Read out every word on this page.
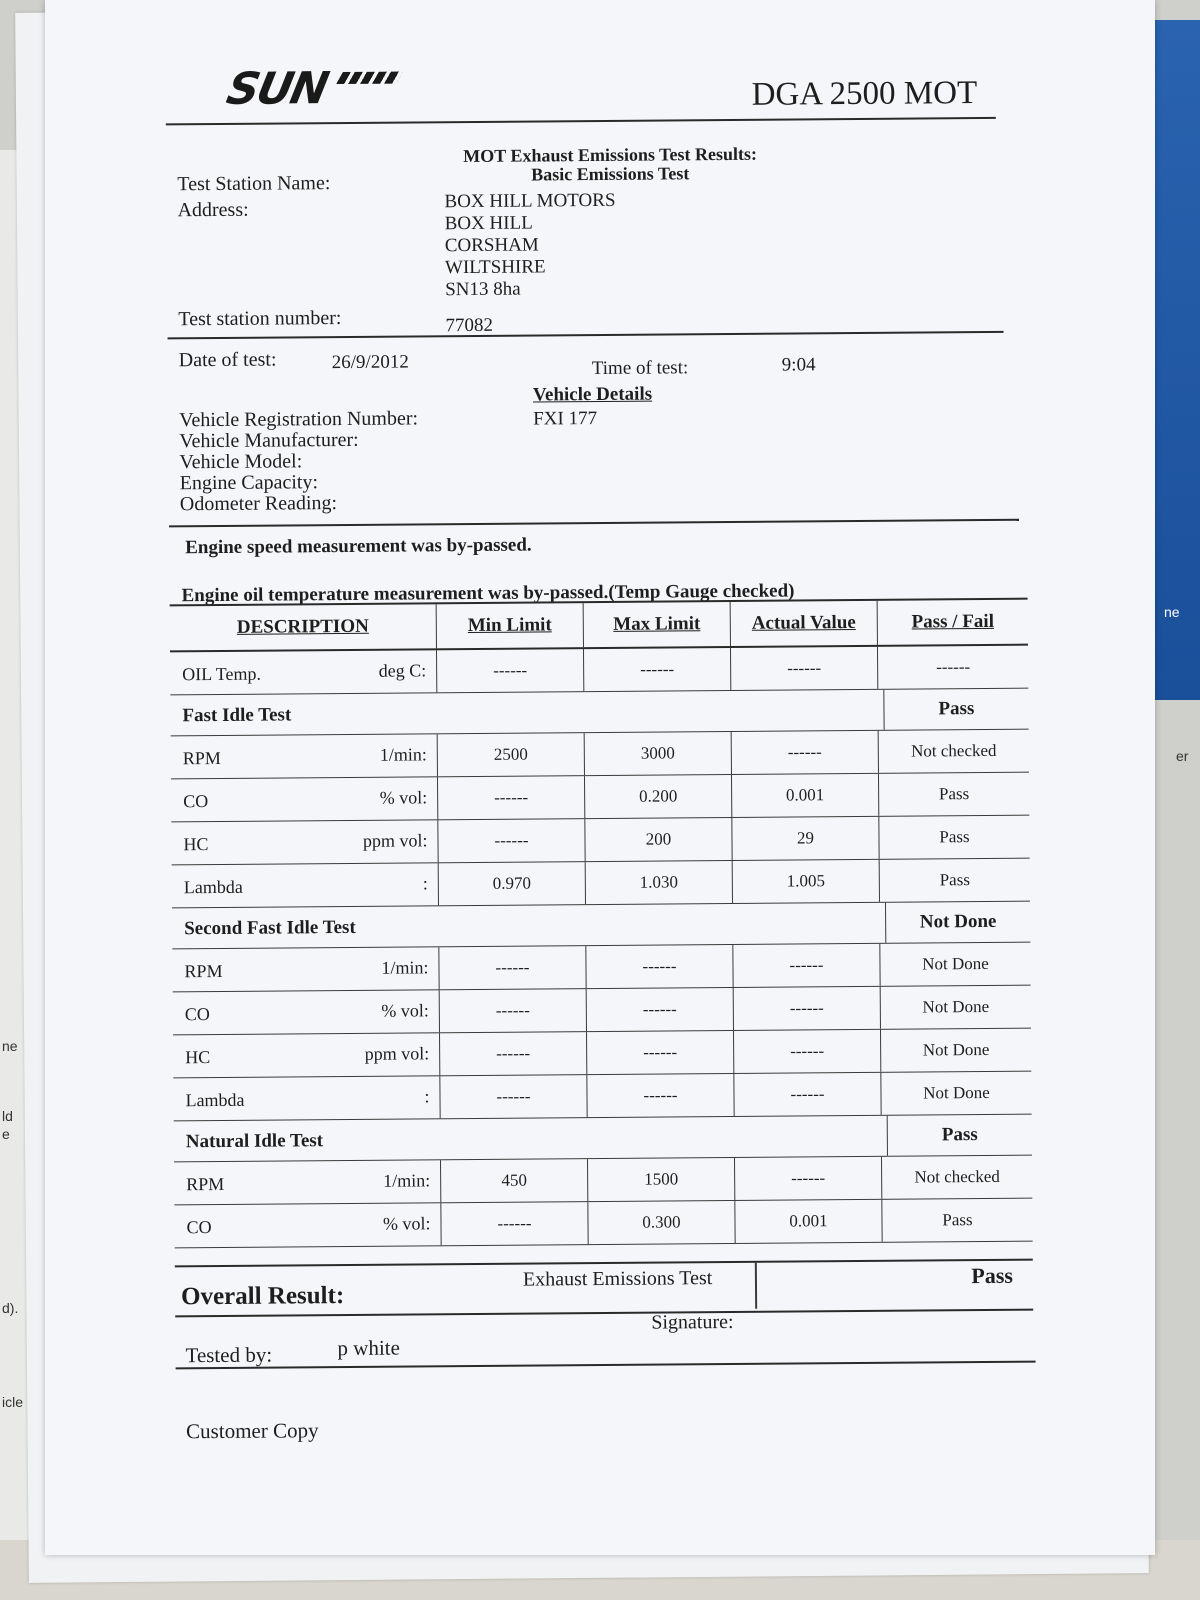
ne
ld
e
d).
icle
er
ne
SUN	DGA 2500 MOT
MOT Exhaust Emissions Test Results:
Basic Emissions Test
Test Station Name:
Address:	BOX HILL MOTORS
BOX HILL
CORSHAM
WILTSHIRE
SN13 8ha
Test station number:	77082
Date of test:	26/9/2012	Time of test:	9:04
Vehicle Details
Vehicle Registration Number:	FXI 177
Vehicle Manufacturer:
Vehicle Model:
Engine Capacity:
Odometer Reading:
Engine speed measurement was by-passed.
Engine oil temperature measurement was by-passed.(Temp Gauge checked)
DESCRIPTION	Min Limit	Max Limit	Actual Value	Pass / Fail
OIL Temp.	deg C:	------	------	------	------
Fast Idle Test	Pass
RPM	1/min:	2500	3000	------	Not checked
CO	% vol:	------	0.200	0.001	Pass
HC	ppm vol:	------	200	29	Pass
Lambda	:	0.970	1.030	1.005	Pass
Second Fast Idle Test	Not Done
RPM	1/min:	------	------	------	Not Done
CO	% vol:	------	------	------	Not Done
HC	ppm vol:	------	------	------	Not Done
Lambda	:	------	------	------	Not Done
Natural Idle Test	Pass
RPM	1/min:	450	1500	------	Not checked
CO	% vol:	------	0.300	0.001	Pass
Overall Result:
Exhaust Emissions Test	Pass
Tested by:	p white
Signature:
Customer Copy
